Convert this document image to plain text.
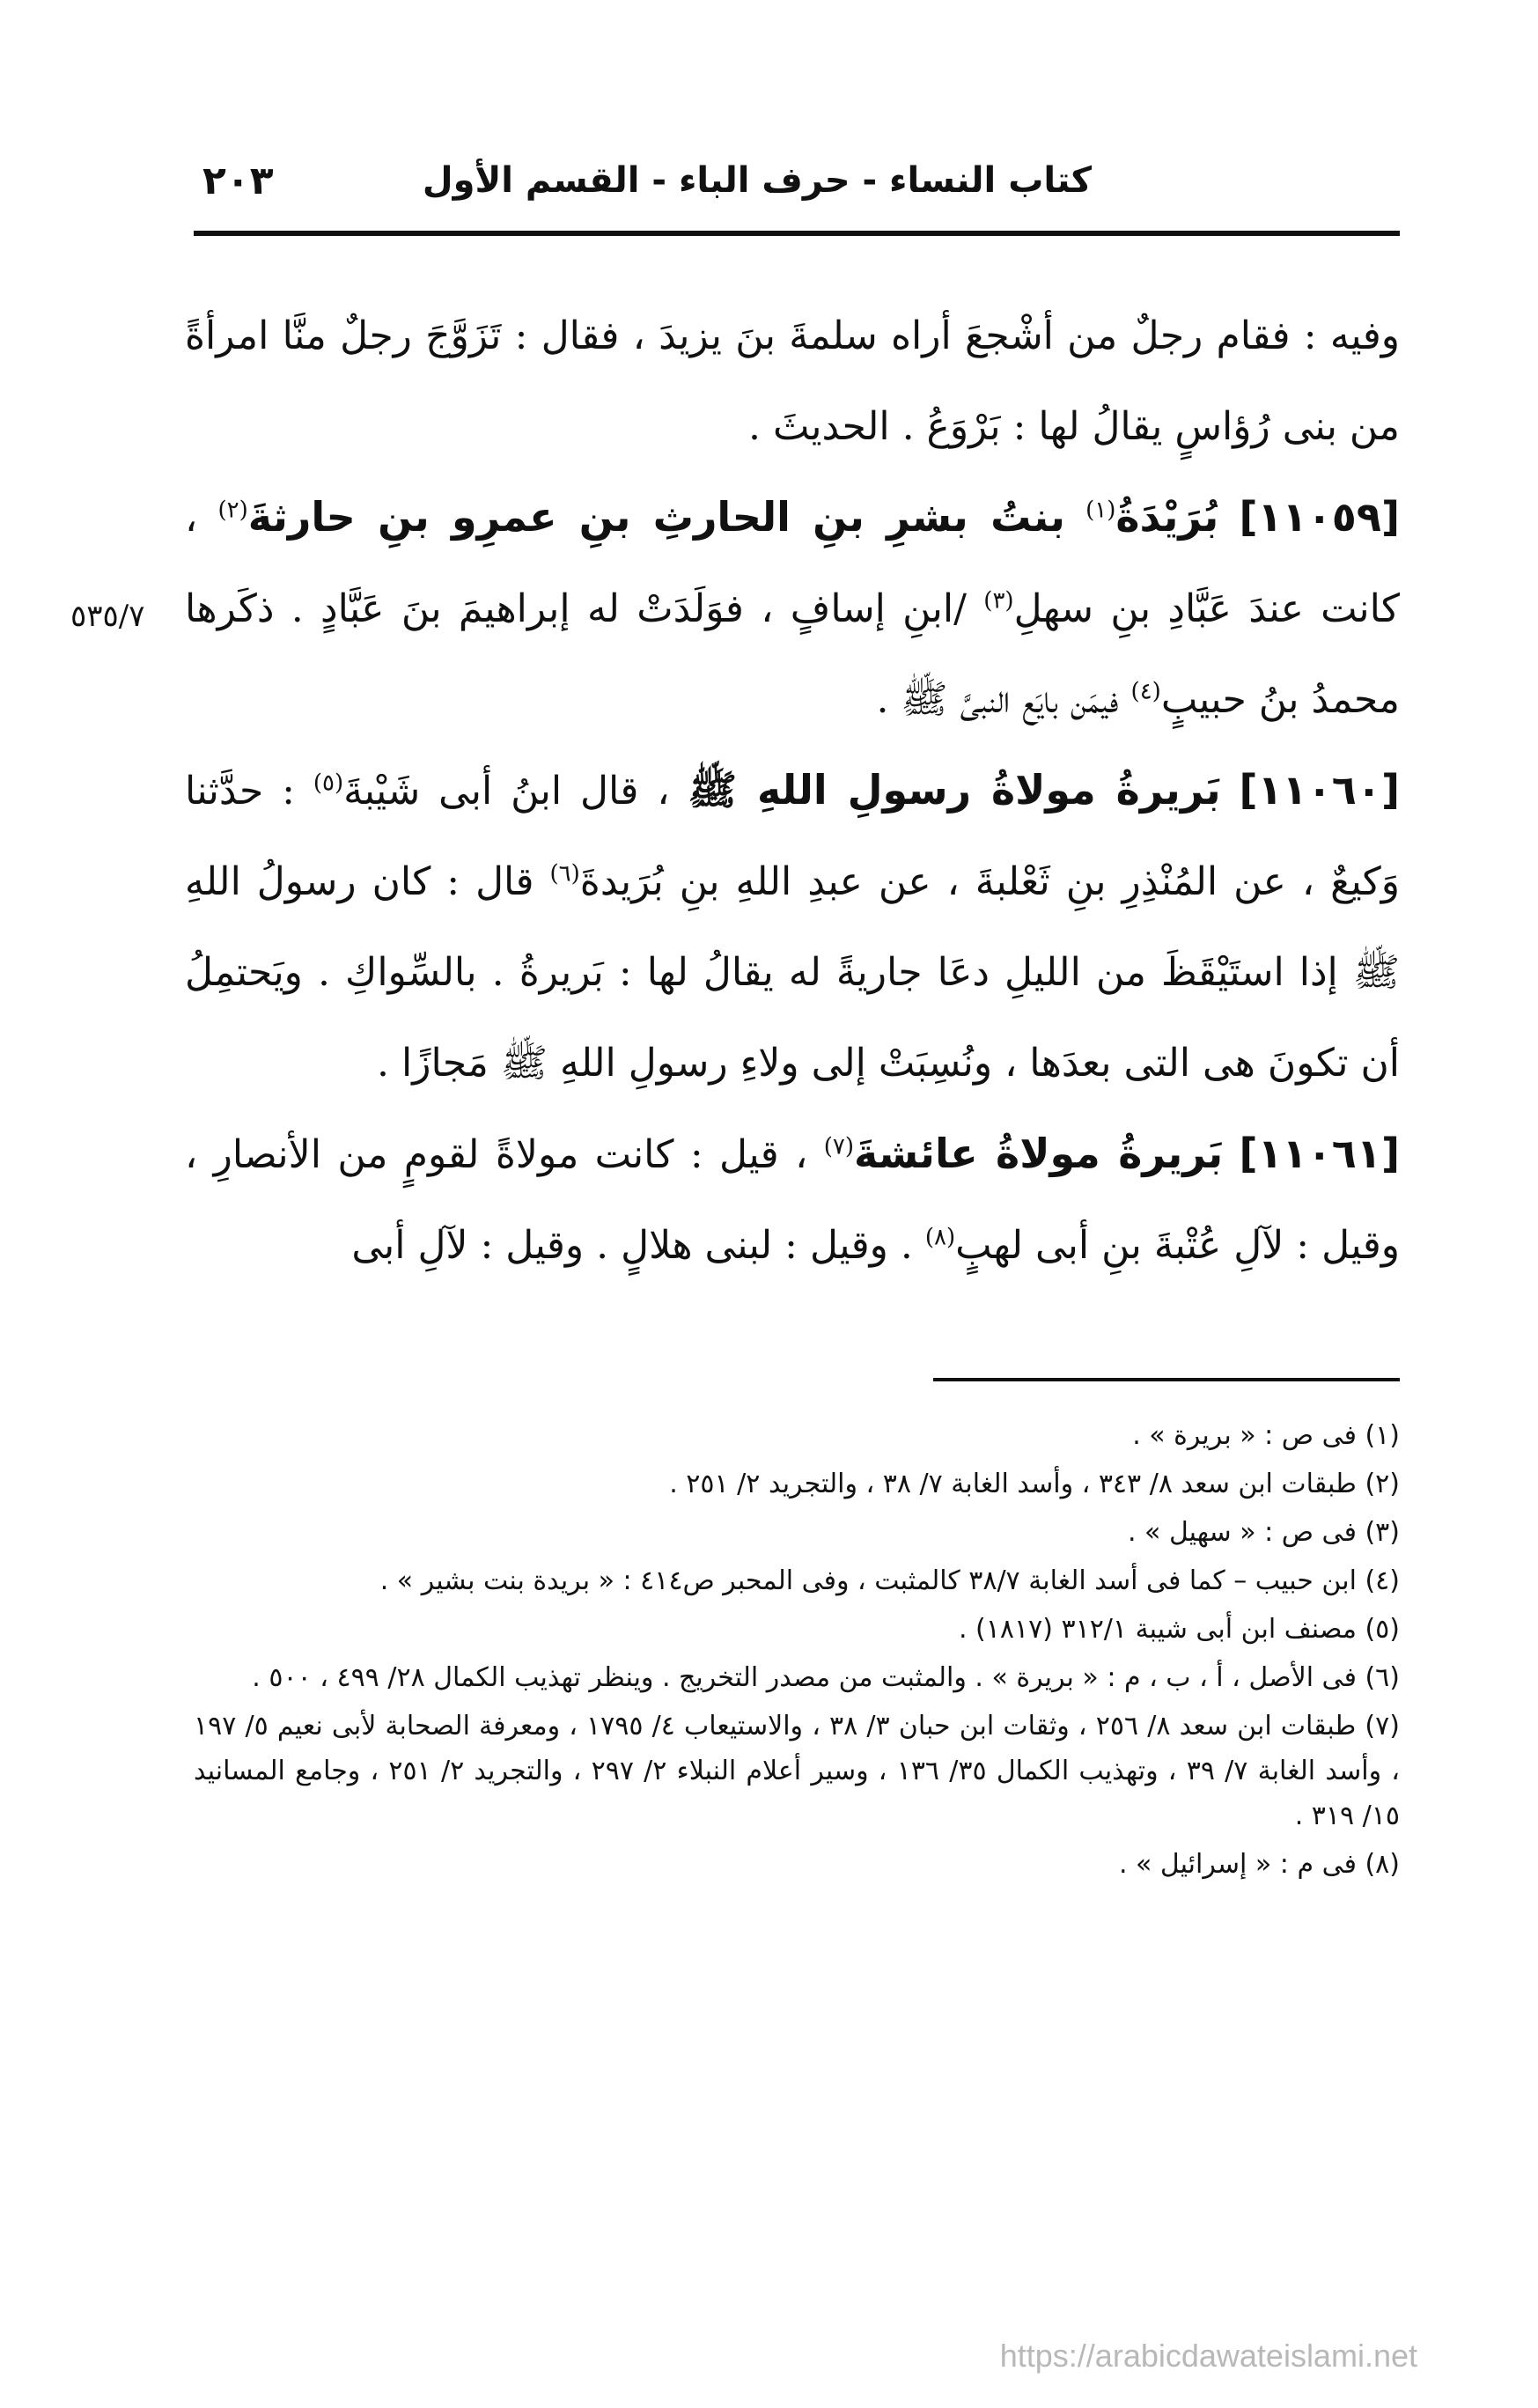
كتاب النساء - حرف الباء - القسم الأول
٢٠٣

وفيه : فقام رجلٌ من أشْجعَ أراه سلمةَ بنَ يزيدَ ، فقال : تَزَوَّجَ رجلٌ منَّا امرأةً من بنى رُؤاسٍ يقالُ لها : بَرْوَعُ . الحديثَ .

[١١٠٥٩] بُرَيْدَةُ$^{(١)}$ بنتُ بشرِ بنِ الحارثِ بنِ عمرِو بنِ حارثةَ$^{(٢)}$ ، كانت عندَ عَبَّادِ بنِ سهلِ$^{(٣)}$ /ابنِ إسافٍ ، فوَلَدَتْ له إبراهيمَ بنَ عَبَّادٍ . ذكَرها محمدُ بنُ حبيبٍ$^{(٤)}$ فيمَن بايَع النبىَّ ﷺ .

[١١٠٦٠] بَريرةُ مولاةُ رسولِ اللهِ ﷺ ، قال ابنُ أبى شَيْبةَ$^{(٥)}$ : حدَّثنا وَكيعٌ ، عن المُنْذِرِ بنِ ثَعْلبةَ ، عن عبدِ اللهِ بنِ بُرَيدةَ$^{(٦)}$ قال : كان رسولُ اللهِ ﷺ إذا استَيْقَظَ من الليلِ دعَا جاريةً له يقالُ لها : بَريرةُ . بالسِّواكِ . ويَحتمِلُ أن تكونَ هى التى بعدَها ، ونُسِبَتْ إلى ولاءِ رسولِ اللهِ ﷺ مَجازًا .

[١١٠٦١] بَريرةُ مولاةُ عائشةَ$^{(٧)}$ ، قيل : كانت مولاةً لقومٍ من الأنصارِ ، وقيل : لآلِ عُتْبةَ بنِ أبى لهبٍ$^{(٨)}$ . وقيل : لبنى هلالٍ . وقيل : لآلِ أبى

٥٣٥/٧

(١) فى ص : « بريرة » .

(٢) طبقات ابن سعد ٨/ ٣٤٣ ، وأسد الغابة ٧/ ٣٨ ، والتجريد ٢/ ٢٥١ .

(٣) فى ص : « سهيل » .

(٤) ابن حبيب – كما فى أسد الغابة ٣٨/٧ كالمثبت ، وفى المحبر ص٤١٤ : « بريدة بنت بشير » .

(٥) مصنف ابن أبى شيبة ٣١٢/١ (١٨١٧) .

(٦) فى الأصل ، أ ، ب ، م : « بريرة » . والمثبت من مصدر التخريج . وينظر تهذيب الكمال ٢٨/ ٤٩٩ ، ٥٠٠ .

(٧) طبقات ابن سعد ٨/ ٢٥٦ ، وثقات ابن حبان ٣/ ٣٨ ، والاستيعاب ٤/ ١٧٩٥ ، ومعرفة الصحابة لأبى نعيم ٥/ ١٩٧ ، وأسد الغابة ٧/ ٣٩ ، وتهذيب الكمال ٣٥/ ١٣٦ ، وسير أعلام النبلاء ٢/ ٢٩٧ ، والتجريد ٢/ ٢٥١ ، وجامع المسانيد ١٥/ ٣١٩ .

(٨) فى م : « إسرائيل » .

https://arabicdawateislami.net
